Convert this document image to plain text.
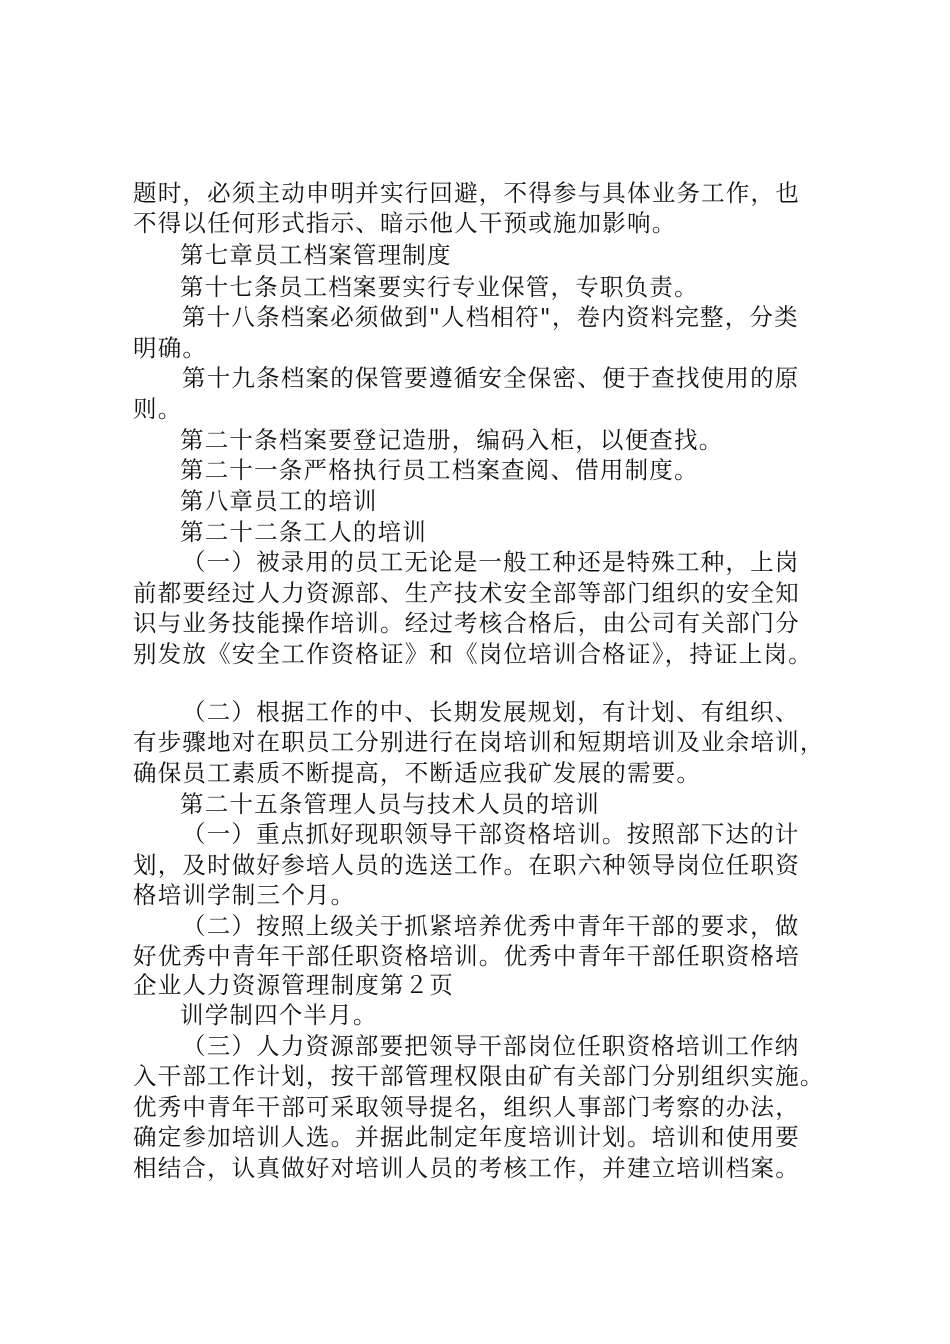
题时，必须主动申明并实行回避，不得参与具体业务工作，也
不得以任何形式指示、暗示他人干预或施加影响。
第七章员工档案管理制度
第十七条员工档案要实行专业保管，专职负责。
第十八条档案必须做到"人档相符"，卷内资料完整，分类
明确。
第十九条档案的保管要遵循安全保密、便于查找使用的原
则。
第二十条档案要登记造册，编码入柜，以便查找。
第二十一条严格执行员工档案查阅、借用制度。
第八章员工的培训
第二十二条工人的培训
（一）被录用的员工无论是一般工种还是特殊工种，上岗
前都要经过人力资源部、生产技术安全部等部门组织的安全知
识与业务技能操作培训。经过考核合格后，由公司有关部门分
别发放《安全工作资格证》和《岗位培训合格证》，持证上岗。
（二）根据工作的中、长期发展规划，有计划、有组织、
有步骤地对在职员工分别进行在岗培训和短期培训及业余培训，
确保员工素质不断提高，不断适应我矿发展的需要。
第二十五条管理人员与技术人员的培训
（一）重点抓好现职领导干部资格培训。按照部下达的计
划，及时做好参培人员的选送工作。在职六种领导岗位任职资
格培训学制三个月。
（二）按照上级关于抓紧培养优秀中青年干部的要求，做
好优秀中青年干部任职资格培训。优秀中青年干部任职资格培
企业人力资源管理制度第２页
训学制四个半月。
（三）人力资源部要把领导干部岗位任职资格培训工作纳
入干部工作计划，按干部管理权限由矿有关部门分别组织实施。
优秀中青年干部可采取领导提名，组织人事部门考察的办法，
确定参加培训人选。并据此制定年度培训计划。培训和使用要
相结合，认真做好对培训人员的考核工作，并建立培训档案。
